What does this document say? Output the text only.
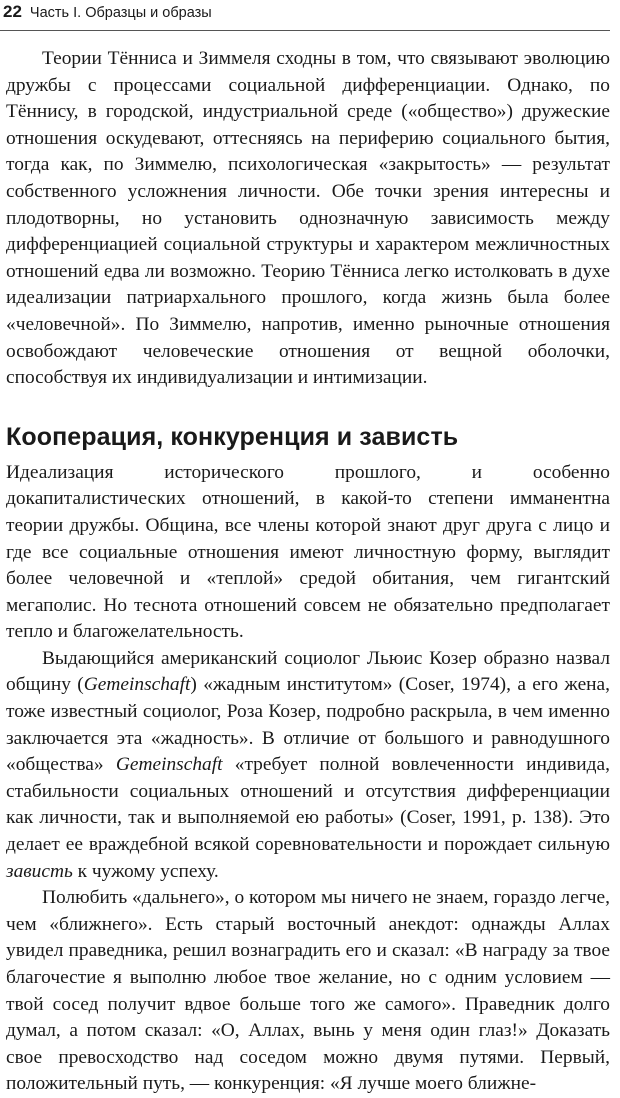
22 Часть I. Образцы и образы

Теории Тённиса и Зиммеля сходны в том, что связывают эволюцию дружбы с процессами социальной дифференциации. Однако, по Тённису, в городской, индустриальной среде («общество») дружеские отношения оскудевают, оттесняясь на периферию социального бытия, тогда как, по Зиммелю, психологическая «закрытость» — результат собственного усложнения личности. Обе точки зрения интересны и плодотворны, но установить однозначную зависимость между дифференциацией социальной структуры и характером межличностных отношений едва ли возможно. Теорию Тённиса легко истолковать в духе идеализации патриархального прошлого, когда жизнь была более «человечной». По Зиммелю, напротив, именно рыночные отношения освобождают человеческие отношения от вещной оболочки, способствуя их индивидуализации и интимизации.

Кооперация, конкуренция и зависть

Идеализация исторического прошлого, и особенно докапиталистических отношений, в какой-то степени имманентна теории дружбы. Община, все члены которой знают друг друга с лицо и где все социальные отношения имеют личностную форму, выглядит более человечной и «теплой» средой обитания, чем гигантский мегаполис. Но теснота отношений совсем не обязательно предполагает тепло и благожелательность.

Выдающийся американский социолог Льюис Козер образно назвал общину (Gemeinschaft) «жадным институтом» (Coser, 1974), а его жена, тоже известный социолог, Роза Козер, подробно раскрыла, в чем именно заключается эта «жадность». В отличие от большого и равнодушного «общества» Gemeinschaft «требует полной вовлеченности индивида, стабильности социальных отношений и отсутствия дифференциации как личности, так и выполняемой ею работы» (Coser, 1991, p. 138). Это делает ее враждебной всякой соревновательности и порождает сильную зависть к чужому успеху.

Полюбить «дальнего», о котором мы ничего не знаем, гораздо легче, чем «ближнего». Есть старый восточный анекдот: однажды Аллах увидел праведника, решил вознаградить его и сказал: «В награду за твое благочестие я выполню любое твое желание, но с одним условием — твой сосед получит вдвое больше того же самого». Праведник долго думал, а потом сказал: «О, Аллах, вынь у меня один глаз!» Доказать свое превосходство над соседом можно двумя путями. Первый, положительный путь, — конкуренция: «Я лучше моего ближне-
